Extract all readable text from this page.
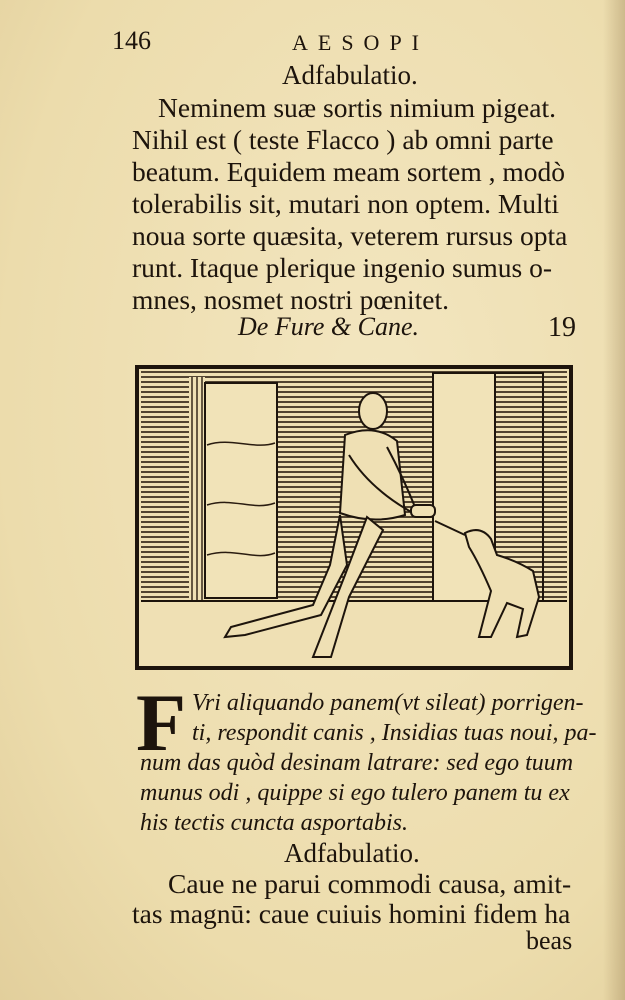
146	AESOPI
Adfabulatio.
Neminem suæ sortis nimium pigeat.
Nihil est ( teste Flacco ) ab omni parte
beatum. Equidem meam sortem , modò
tolerabilis sit, mutari non optem. Multi
noua sorte quæsita, veterem rursus opta
runt. Itaque plerique ingenio sumus o-
mnes, nosmet nostri pœnitet.
De Fure & Cane.	19
F Vri aliquando panem(vt sileat) porrigen-
ti, respondit canis , Insidias tuas noui, pa-
num das quòd desinam latrare: sed ego tuum
munus odi , quippe si ego tulero panem tu ex
his tectis cuncta asportabis.
Adfabulatio.
Caue ne parui commodi causa, amit-
tas magnū: caue cuiuis homini fidem ha
beas
